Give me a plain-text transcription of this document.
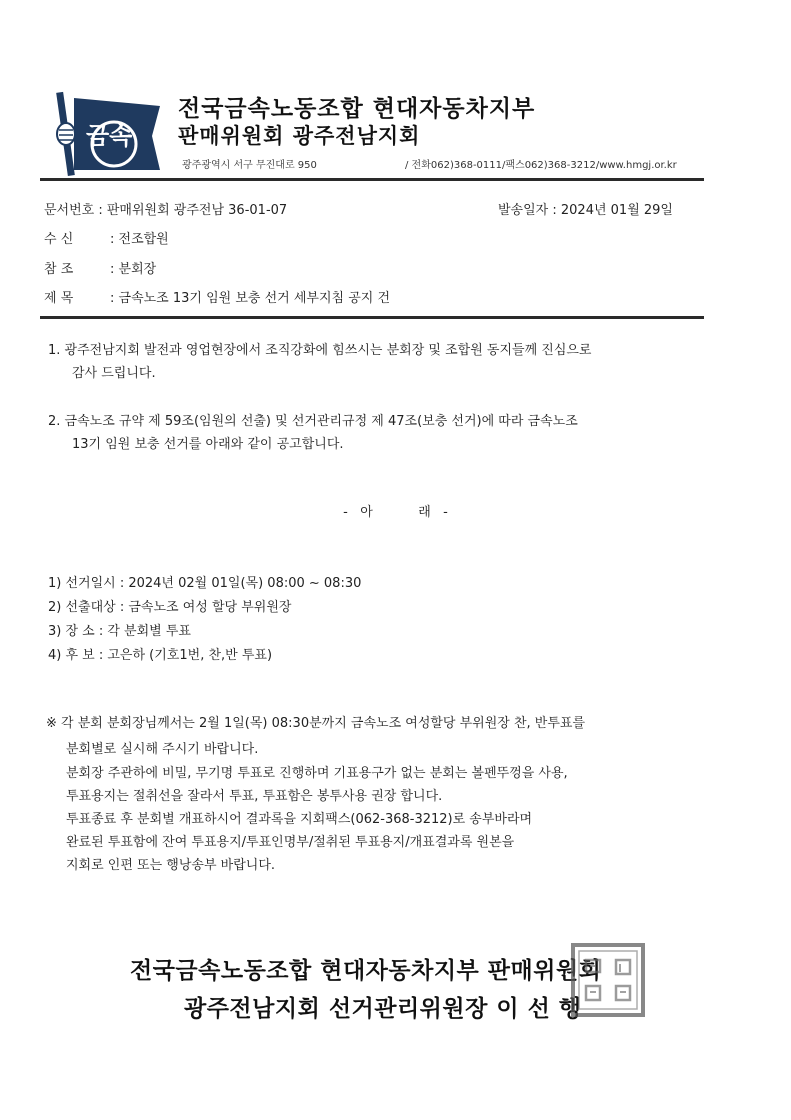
금속
전국금속노동조합 현대자동차지부
판매위원회 광주전남지회
광주광역시 서구 무진대로 950	/ 전화062)368-0111/팩스062)368-3212/www.hmgj.or.kr
문서번호 : 판매위원회 광주전남 36-01-07	발송일자 : 2024년 01월 29일
수 신	: 전조합원
참 조	: 분회장
제 목	: 금속노조 13기 임원 보충 선거 세부지침 공지 건
1. 광주전남지회 발전과 영업현장에서 조직강화에 힘쓰시는 분회장 및 조합원 동지들께 진심으로
감사 드립니다.
2. 금속노조 규약 제 59조(임원의 선출) 및 선거관리규정 제 47조(보충 선거)에 따라 금속노조
13기 임원 보충 선거를 아래와 같이 공고합니다.
-   아           래   -
1) 선거일시 : 2024년 02월 01일(목) 08:00 ~ 08:30
2) 선출대상 : 금속노조 여성 할당 부위원장
3) 장 소 : 각 분회별 투표
4) 후 보 : 고은하 (기호1번, 찬,반 투표)
※ 각 분회 분회장님께서는 2월 1일(목) 08:30분까지 금속노조 여성할당 부위원장 찬, 반투표를
분회별로 실시해 주시기 바랍니다.
분회장 주관하에 비밀, 무기명 투표로 진행하며 기표용구가 없는 분회는 볼펜뚜껑을 사용,
투표용지는 절취선을 잘라서 투표, 투표함은 봉투사용 권장 합니다.
투표종료 후 분회별 개표하시어 결과록을 지회팩스(062-368-3212)로 송부바라며
완료된 투표함에 잔여 투표용지/투표인명부/절취된 투표용지/개표결과록 원본을
지회로 인편 또는 행낭송부 바랍니다.
전국금속노동조합 현대자동차지부 판매위원회
광주전남지회 선거관리위원장 이 선 행
